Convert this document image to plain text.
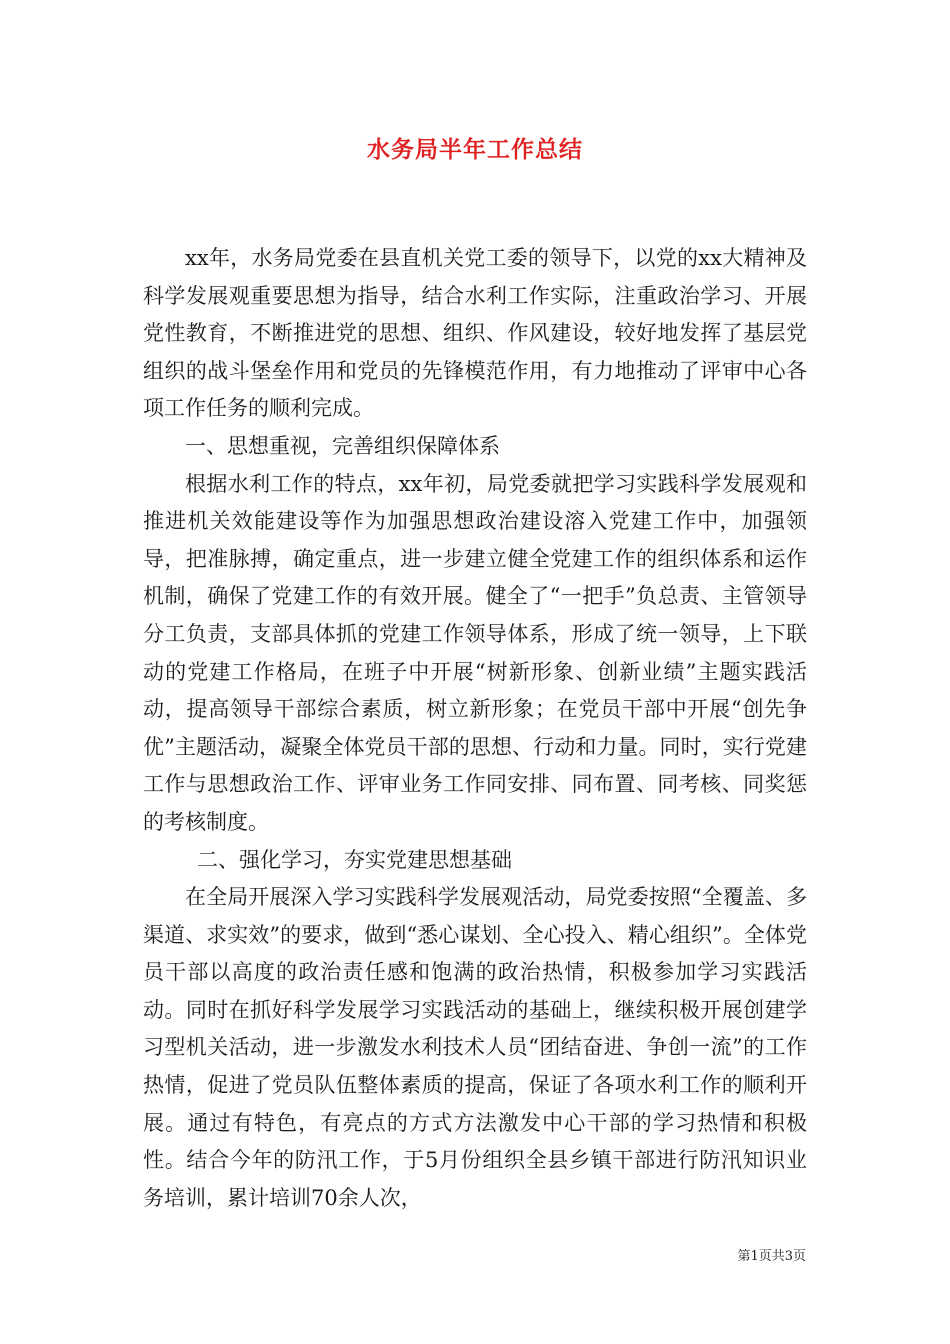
水务局半年工作总结

xx年，水务局党委在县直机关党工委的领导下，以党的xx大精神及科学发展观重要思想为指导，结合水利工作实际，注重政治学习、开展党性教育，不断推进党的思想、组织、作风建设，较好地发挥了基层党组织的战斗堡垒作用和党员的先锋模范作用，有力地推动了评审中心各项工作任务的顺利完成。

一、思想重视，完善组织保障体系

根据水利工作的特点，xx年初，局党委就把学习实践科学发展观和推进机关效能建设等作为加强思想政治建设溶入党建工作中，加强领导，把准脉搏，确定重点，进一步建立健全党建工作的组织体系和运作机制，确保了党建工作的有效开展。健全了“一把手”负总责、主管领导分工负责，支部具体抓的党建工作领导体系，形成了统一领导，上下联动的党建工作格局，在班子中开展“树新形象、创新业绩”主题实践活动，提高领导干部综合素质，树立新形象；在党员干部中开展“创先争优”主题活动，凝聚全体党员干部的思想、行动和力量。同时，实行党建工作与思想政治工作、评审业务工作同安排、同布置、同考核、同奖惩的考核制度。

二、强化学习，夯实党建思想基础

在全局开展深入学习实践科学发展观活动，局党委按照“全覆盖、多渠道、求实效”的要求，做到“悉心谋划、全心投入、精心组织”。全体党员干部以高度的政治责任感和饱满的政治热情，积极参加学习实践活动。同时在抓好科学发展学习实践活动的基础上，继续积极开展创建学习型机关活动，进一步激发水利技术人员“团结奋进、争创一流”的工作热情，促进了党员队伍整体素质的提高，保证了各项水利工作的顺利开展。通过有特色，有亮点的方式方法激发中心干部的学习热情和积极性。结合今年的防汛工作，于5月份组织全县乡镇干部进行防汛知识业务培训，累计培训70余人次，

第1页共3页
